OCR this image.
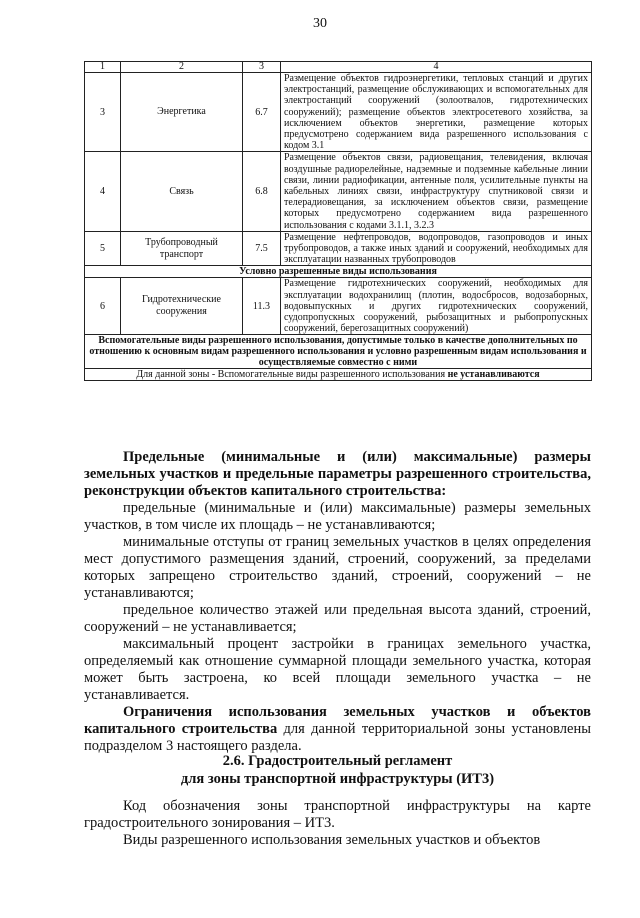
30
1	2	3	4
3	Энергетика	6.7	Размещение объектов гидроэнергетики, тепловых станций и других электростанций, размещение обслуживающих и вспомогательных для электростанций сооружений (золоотвалов, гидротехнических сооружений); размещение объектов электросетевого хозяйства, за исключением объектов энергетики, размещение которых предусмотрено содержанием вида разрешенного использования с кодом 3.1
4	Связь	6.8	Размещение объектов связи, радиовещания, телевидения, включая воздушные радиорелейные, надземные и подземные кабельные линии связи, линии радиофикации, антенные поля, усилительные пункты на кабельных линиях связи, инфраструктуру спутниковой связи и телерадиовещания, за исключением объектов связи, размещение которых предусмотрено содержанием вида разрешенного использования с кодами 3.1.1, 3.2.3
5	Трубопроводный транспорт	7.5	Размещение нефтепроводов, водопроводов, газопроводов и иных трубопроводов, а также иных зданий и сооружений, необходимых для эксплуатации названных трубопроводов
Условно разрешенные виды использования			
6	Гидротехнические сооружения	11.3	Размещение гидротехнических сооружений, необходимых для эксплуатации водохранилищ (плотин, водосбросов, водозаборных, водовыпускных и других гидротехнических сооружений, судопропускных сооружений, рыбозащитных и рыбопропускных сооружений, берегозащитных сооружений)
Вспомогательные виды разрешенного использования, допустимые только в качестве дополнительных по отношению к основным видам разрешенного использования и условно разрешенным видам использования и осуществляемые совместно с ними			
Для данной зоны - Вспомогательные виды разрешенного использования не устанавливаются			

Предельные (минимальные и (или) максимальные) размеры земельных участков и предельные параметры разрешенного строительства, реконструкции объектов капитального строительства:

предельные (минимальные и (или) максимальные) размеры земельных участков, в том числе их площадь – не устанавливаются;

минимальные отступы от границ земельных участков в целях определения мест допустимого размещения зданий, строений, сооружений, за пределами которых запрещено строительство зданий, строений, сооружений – не устанавливаются;

предельное количество этажей или предельная высота зданий, строений, сооружений – не устанавливается;

максимальный процент застройки в границах земельного участка, определяемый как отношение суммарной площади земельного участка, которая может быть застроена, ко всей площади земельного участка – не устанавливается.

Ограничения использования земельных участков и объектов капитального строительства для данной территориальной зоны установлены подразделом 3 настоящего раздела.

2.6. Градостроительный регламент
для зоны транспортной инфраструктуры (ИТ3)

Код обозначения зоны транспортной инфраструктуры на карте градостроительного зонирования – ИТ3.

Виды разрешенного использования земельных участков и объектов
